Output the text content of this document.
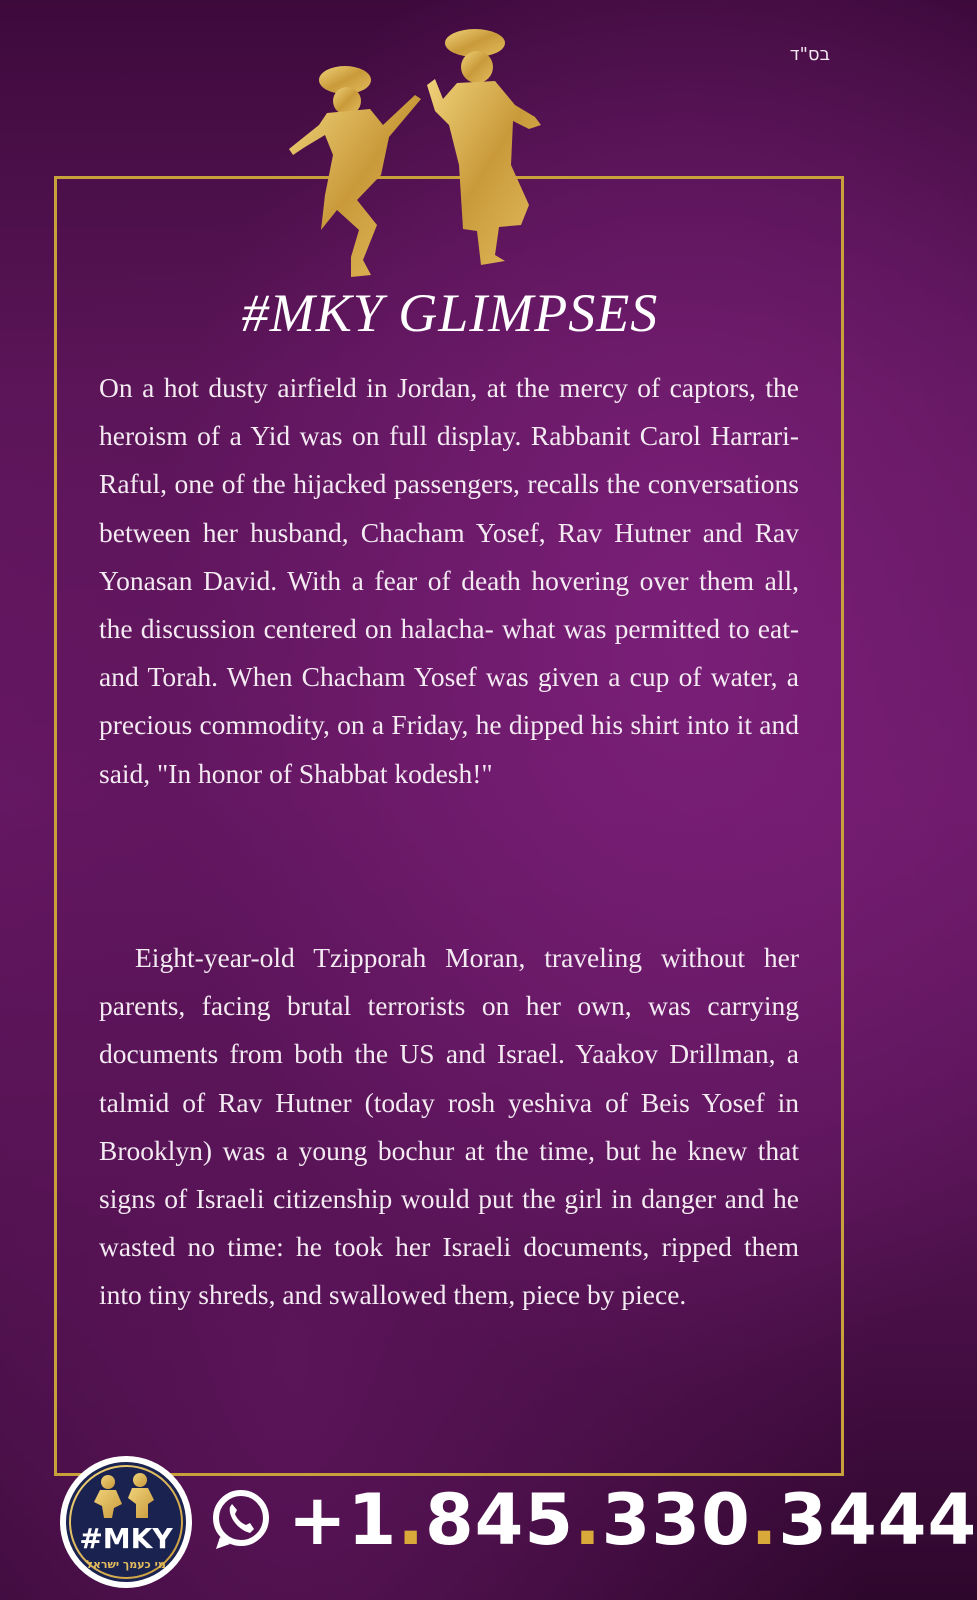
בס"ד
#MKY GLIMPSES

On a hot dusty airfield in Jordan, at the mercy of captors, the heroism of a Yid was on full display. Rabbanit Carol Harrari-Raful, one of the hijacked passengers, recalls the conversations between her husband, Chacham Yosef, Rav Hutner and Rav Yonasan David. With a fear of death hovering over them all, the discussion centered on halacha- what was permitted to eat- and Torah. When Chacham Yosef was given a cup of water, a precious commodity, on a Friday, he dipped his shirt into it and said, "In honor of Shabbat kodesh!"

Eight-year-old Tzipporah Moran, traveling without her parents, facing brutal terrorists on her own, was carrying documents from both the US and Israel. Yaakov Drillman, a talmid of Rav Hutner (today rosh yeshiva of Beis Yosef in Brooklyn) was a young bochur at the time, but he knew that signs of Israeli citizenship would put the girl in danger and he wasted no time: he took her Israeli documents, ripped them into tiny shreds, and swallowed them, piece by piece.

#MKY
מי כעמך ישראל
+1.845.330.3444
